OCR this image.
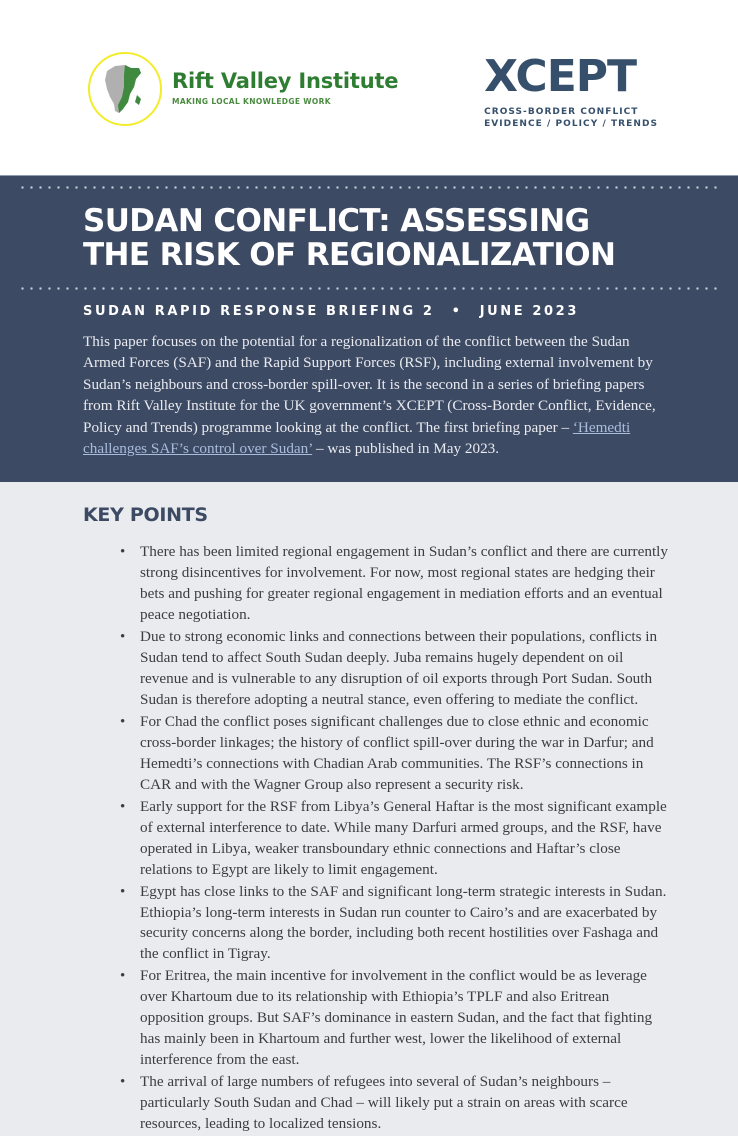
Rift Valley Institute
MAKING LOCAL KNOWLEDGE WORK	XCEPT
CROSS-BORDER CONFLICT
EVIDENCE / POLICY / TRENDS
SUDAN CONFLICT: ASSESSING
THE RISK OF REGIONALIZATION
SUDAN RAPID RESPONSE BRIEFING 2 • JUNE 2023

This paper focuses on the potential for a regionalization of the conflict between the Sudan Armed Forces (SAF) and the Rapid Support Forces (RSF), including external involvement by Sudan’s neighbours and cross-border spill-over. It is the second in a series of briefing papers from Rift Valley Institute for the UK government’s XCEPT (Cross-Border Conflict, Evidence, Policy and Trends) programme looking at the conflict. The first briefing paper – ‘Hemedti challenges SAF’s control over Sudan’ – was published in May 2023.

KEY POINTS
• There has been limited regional engagement in Sudan’s conflict and there are currently strong disincentives for involvement. For now, most regional states are hedging their bets and pushing for greater regional engagement in mediation efforts and an eventual peace negotiation.
• Due to strong economic links and connections between their populations, conflicts in Sudan tend to affect South Sudan deeply. Juba remains hugely dependent on oil revenue and is vulnerable to any disruption of oil exports through Port Sudan. South Sudan is therefore adopting a neutral stance, even offering to mediate the conflict.
• For Chad the conflict poses significant challenges due to close ethnic and economic cross-border linkages; the history of conflict spill-over during the war in Darfur; and Hemedti’s connections with Chadian Arab communities. The RSF’s connections in CAR and with the Wagner Group also represent a security risk.
• Early support for the RSF from Libya’s General Haftar is the most significant example of external interference to date. While many Darfuri armed groups, and the RSF, have operated in Libya, weaker transboundary ethnic connections and Haftar’s close relations to Egypt are likely to limit engagement.
• Egypt has close links to the SAF and significant long-term strategic interests in Sudan. Ethiopia’s long-term interests in Sudan run counter to Cairo’s and are exacerbated by security concerns along the border, including both recent hostilities over Fashaga and the conflict in Tigray.
• For Eritrea, the main incentive for involvement in the conflict would be as leverage over Khartoum due to its relationship with Ethiopia’s TPLF and also Eritrean opposition groups. But SAF’s dominance in eastern Sudan, and the fact that fighting has mainly been in Khartoum and further west, lower the likelihood of external interference from the east.
• The arrival of large numbers of refugees into several of Sudan’s neighbours – particularly South Sudan and Chad – will likely put a strain on areas with scarce resources, leading to localized tensions.
